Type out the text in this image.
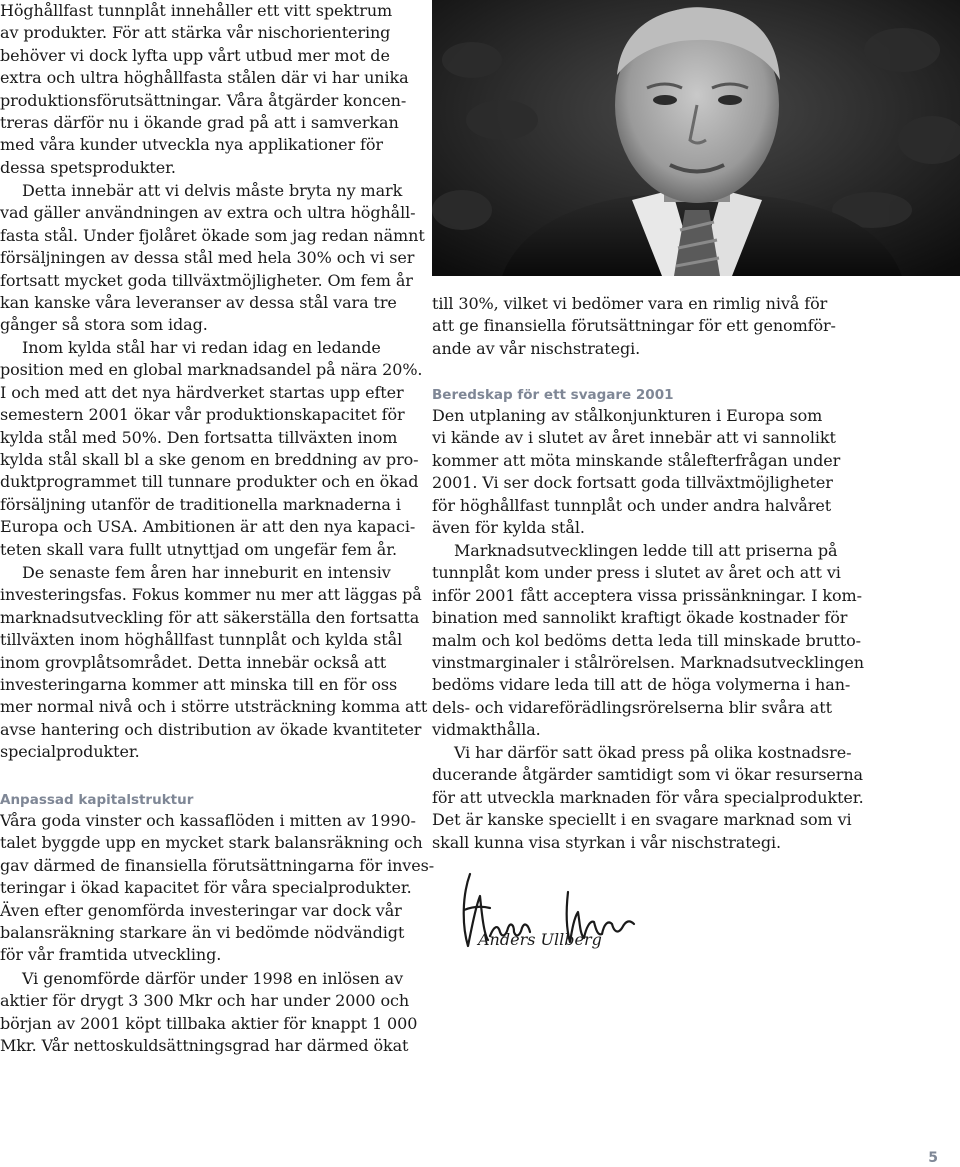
Höghållfast tunnplåt innehåller ett vitt spektrum

av produkter. För att stärka vår nischorientering

behöver vi dock lyfta upp vårt utbud mer mot de

extra och ultra höghållfasta stålen där vi har unika

produktionsförutsättningar. Våra åtgärder koncen-

treras därför nu i ökande grad på att i samverkan

med våra kunder utveckla nya applikationer för

dessa spetsprodukter.

Detta innebär att vi delvis måste bryta ny mark

vad gäller användningen av extra och ultra höghåll-

fasta stål. Under fjolåret ökade som jag redan nämnt

försäljningen av dessa stål med hela 30% och vi ser

fortsatt mycket goda tillväxtmöjligheter. Om fem år

kan kanske våra leveranser av dessa stål vara tre

gånger så stora som idag.

Inom kylda stål har vi redan idag en ledande

position med en global marknadsandel på nära 20%.

I och med att det nya härdverket startas upp efter

semestern 2001 ökar vår produktionskapacitet för

kylda stål med 50%. Den fortsatta tillväxten inom

kylda stål skall bl a ske genom en breddning av pro-

duktprogrammet till tunnare produkter och en ökad

försäljning utanför de traditionella marknaderna i

Europa och USA. Ambitionen är att den nya kapaci-

teten skall vara fullt utnyttjad om ungefär fem år.

De senaste fem åren har inneburit en intensiv

investeringsfas. Fokus kommer nu mer att läggas på

marknadsutveckling för att säkerställa den fortsatta

tillväxten inom höghållfast tunnplåt och kylda stål

inom grovplåtsområdet. Detta innebär också att

investeringarna kommer att minska till en för oss

mer normal nivå och i större utsträckning komma att

avse hantering och distribution av ökade kvantiteter

specialprodukter.

Anpassad kapitalstruktur

Våra goda vinster och kassaflöden i mitten av 1990-

talet byggde upp en mycket stark balansräkning och

gav därmed de finansiella förutsättningarna för inves-

teringar i ökad kapacitet för våra specialprodukter.

Även efter genomförda investeringar var dock vår

balansräkning starkare än vi bedömde nödvändigt

för vår framtida utveckling.

Vi genomförde därför under 1998 en inlösen av

aktier för drygt 3 300 Mkr och har under 2000 och

början av 2001 köpt tillbaka aktier för knappt 1 000

Mkr. Vår nettoskuldsättningsgrad har därmed ökat

till 30%, vilket vi bedömer vara en rimlig nivå för

att ge finansiella förutsättningar för ett genomför-

ande av vår nischstrategi.

Beredskap för ett svagare 2001

Den utplaning av stålkonjunkturen i Europa som

vi kände av i slutet av året innebär att vi sannolikt

kommer att möta minskande stålefterfrågan under

2001. Vi ser dock fortsatt goda tillväxtmöjligheter

för höghållfast tunnplåt och under andra halvåret

även för kylda stål.

Marknadsutvecklingen ledde till att priserna på

tunnplåt kom under press i slutet av året och att vi

inför 2001 fått acceptera vissa prissänkningar. I kom-

bination med sannolikt kraftigt ökade kostnader för

malm och kol bedöms detta leda till minskade brutto-

vinstmarginaler i stålrörelsen. Marknadsutvecklingen

bedöms vidare leda till att de höga volymerna i han-

dels- och vidareförädlingsrörelserna blir svåra att

vidmakthålla.

Vi har därför satt ökad press på olika kostnadsre-

ducerande åtgärder samtidigt som vi ökar resurserna

för att utveckla marknaden för våra specialprodukter.

Det är kanske speciellt i en svagare marknad som vi

skall kunna visa styrkan i vår nischstrategi.

Anders Ullberg
5
